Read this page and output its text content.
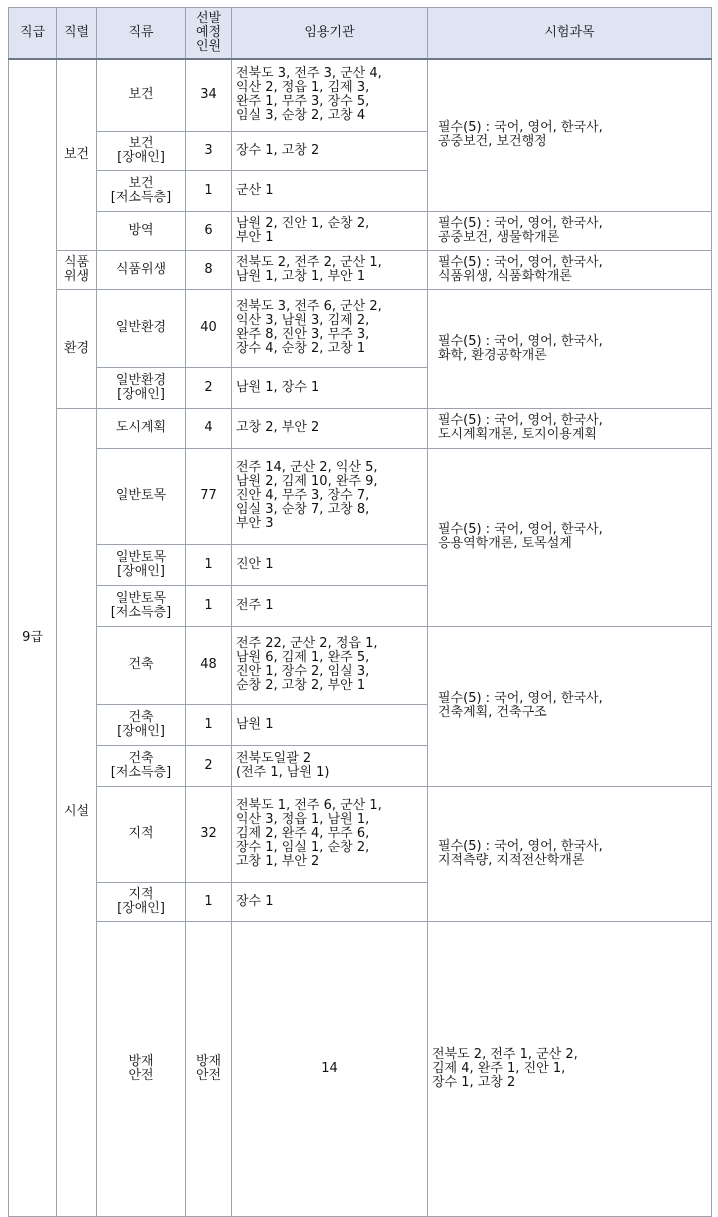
직급	직렬	직류	선발
예정
인원	임용기관	시험과목	
9급	보건	보건	34	전북도 3, 전주 3, 군산 4,
익산 2, 정읍 1, 김제 3,
완주 1, 무주 3, 장수 5,
임실 3, 순창 2, 고창 4	필수(5) : 국어, 영어, 한국사,
공중보건, 보건행정	
		보건
[장애인]	3	장수 1, 고창 2		
		보건
[저소득층]	1	군산 1		
		방역	6	남원 2, 진안 1, 순창 2,
부안 1	필수(5) : 국어, 영어, 한국사,
공중보건, 생물학개론	
	식품
위생	식품위생	8	전북도 2, 전주 2, 군산 1,
남원 1, 고창 1, 부안 1	필수(5) : 국어, 영어, 한국사,
식품위생, 식품화학개론	
	환경	일반환경	40	전북도 3, 전주 6, 군산 2,
익산 3, 남원 3, 김제 2,
완주 8, 진안 3, 무주 3,
장수 4, 순창 2, 고창 1	필수(5) : 국어, 영어, 한국사,
화학, 환경공학개론	
		일반환경
[장애인]	2	남원 1, 장수 1		
	시설	도시계획	4	고창 2, 부안 2	필수(5) : 국어, 영어, 한국사,
도시계획개론, 토지이용계획	
		일반토목	77	전주 14, 군산 2, 익산 5,
남원 2, 김제 10, 완주 9,
진안 4, 무주 3, 장수 7,
임실 3, 순창 7, 고창 8,
부안 3	필수(5) : 국어, 영어, 한국사,
응용역학개론, 토목설계	
		일반토목
[장애인]	1	진안 1		
		일반토목
[저소득층]	1	전주 1		
		건축	48	전주 22, 군산 2, 정읍 1,
남원 6, 김제 1, 완주 5,
진안 1, 장수 2, 임실 3,
순창 2, 고창 2, 부안 1	필수(5) : 국어, 영어, 한국사,
건축계획, 건축구조	
		건축
[장애인]	1	남원 1		
		건축
[저소득층]	2	전북도일괄 2
(전주 1, 남원 1)		
		지적	32	전북도 1, 전주 6, 군산 1,
익산 3, 정읍 1, 남원 1,
김제 2, 완주 4, 무주 6,
장수 1, 임실 1, 순창 2,
고창 1, 부안 2	필수(5) : 국어, 영어, 한국사,
지적측량, 지적전산학개론	
		지적
[장애인]	1	장수 1		
		방재
안전	방재안전	14	전북도 2, 전주 1, 군산 2,
김제 4, 완주 1, 진안 1,
장수 1, 고창 2	
